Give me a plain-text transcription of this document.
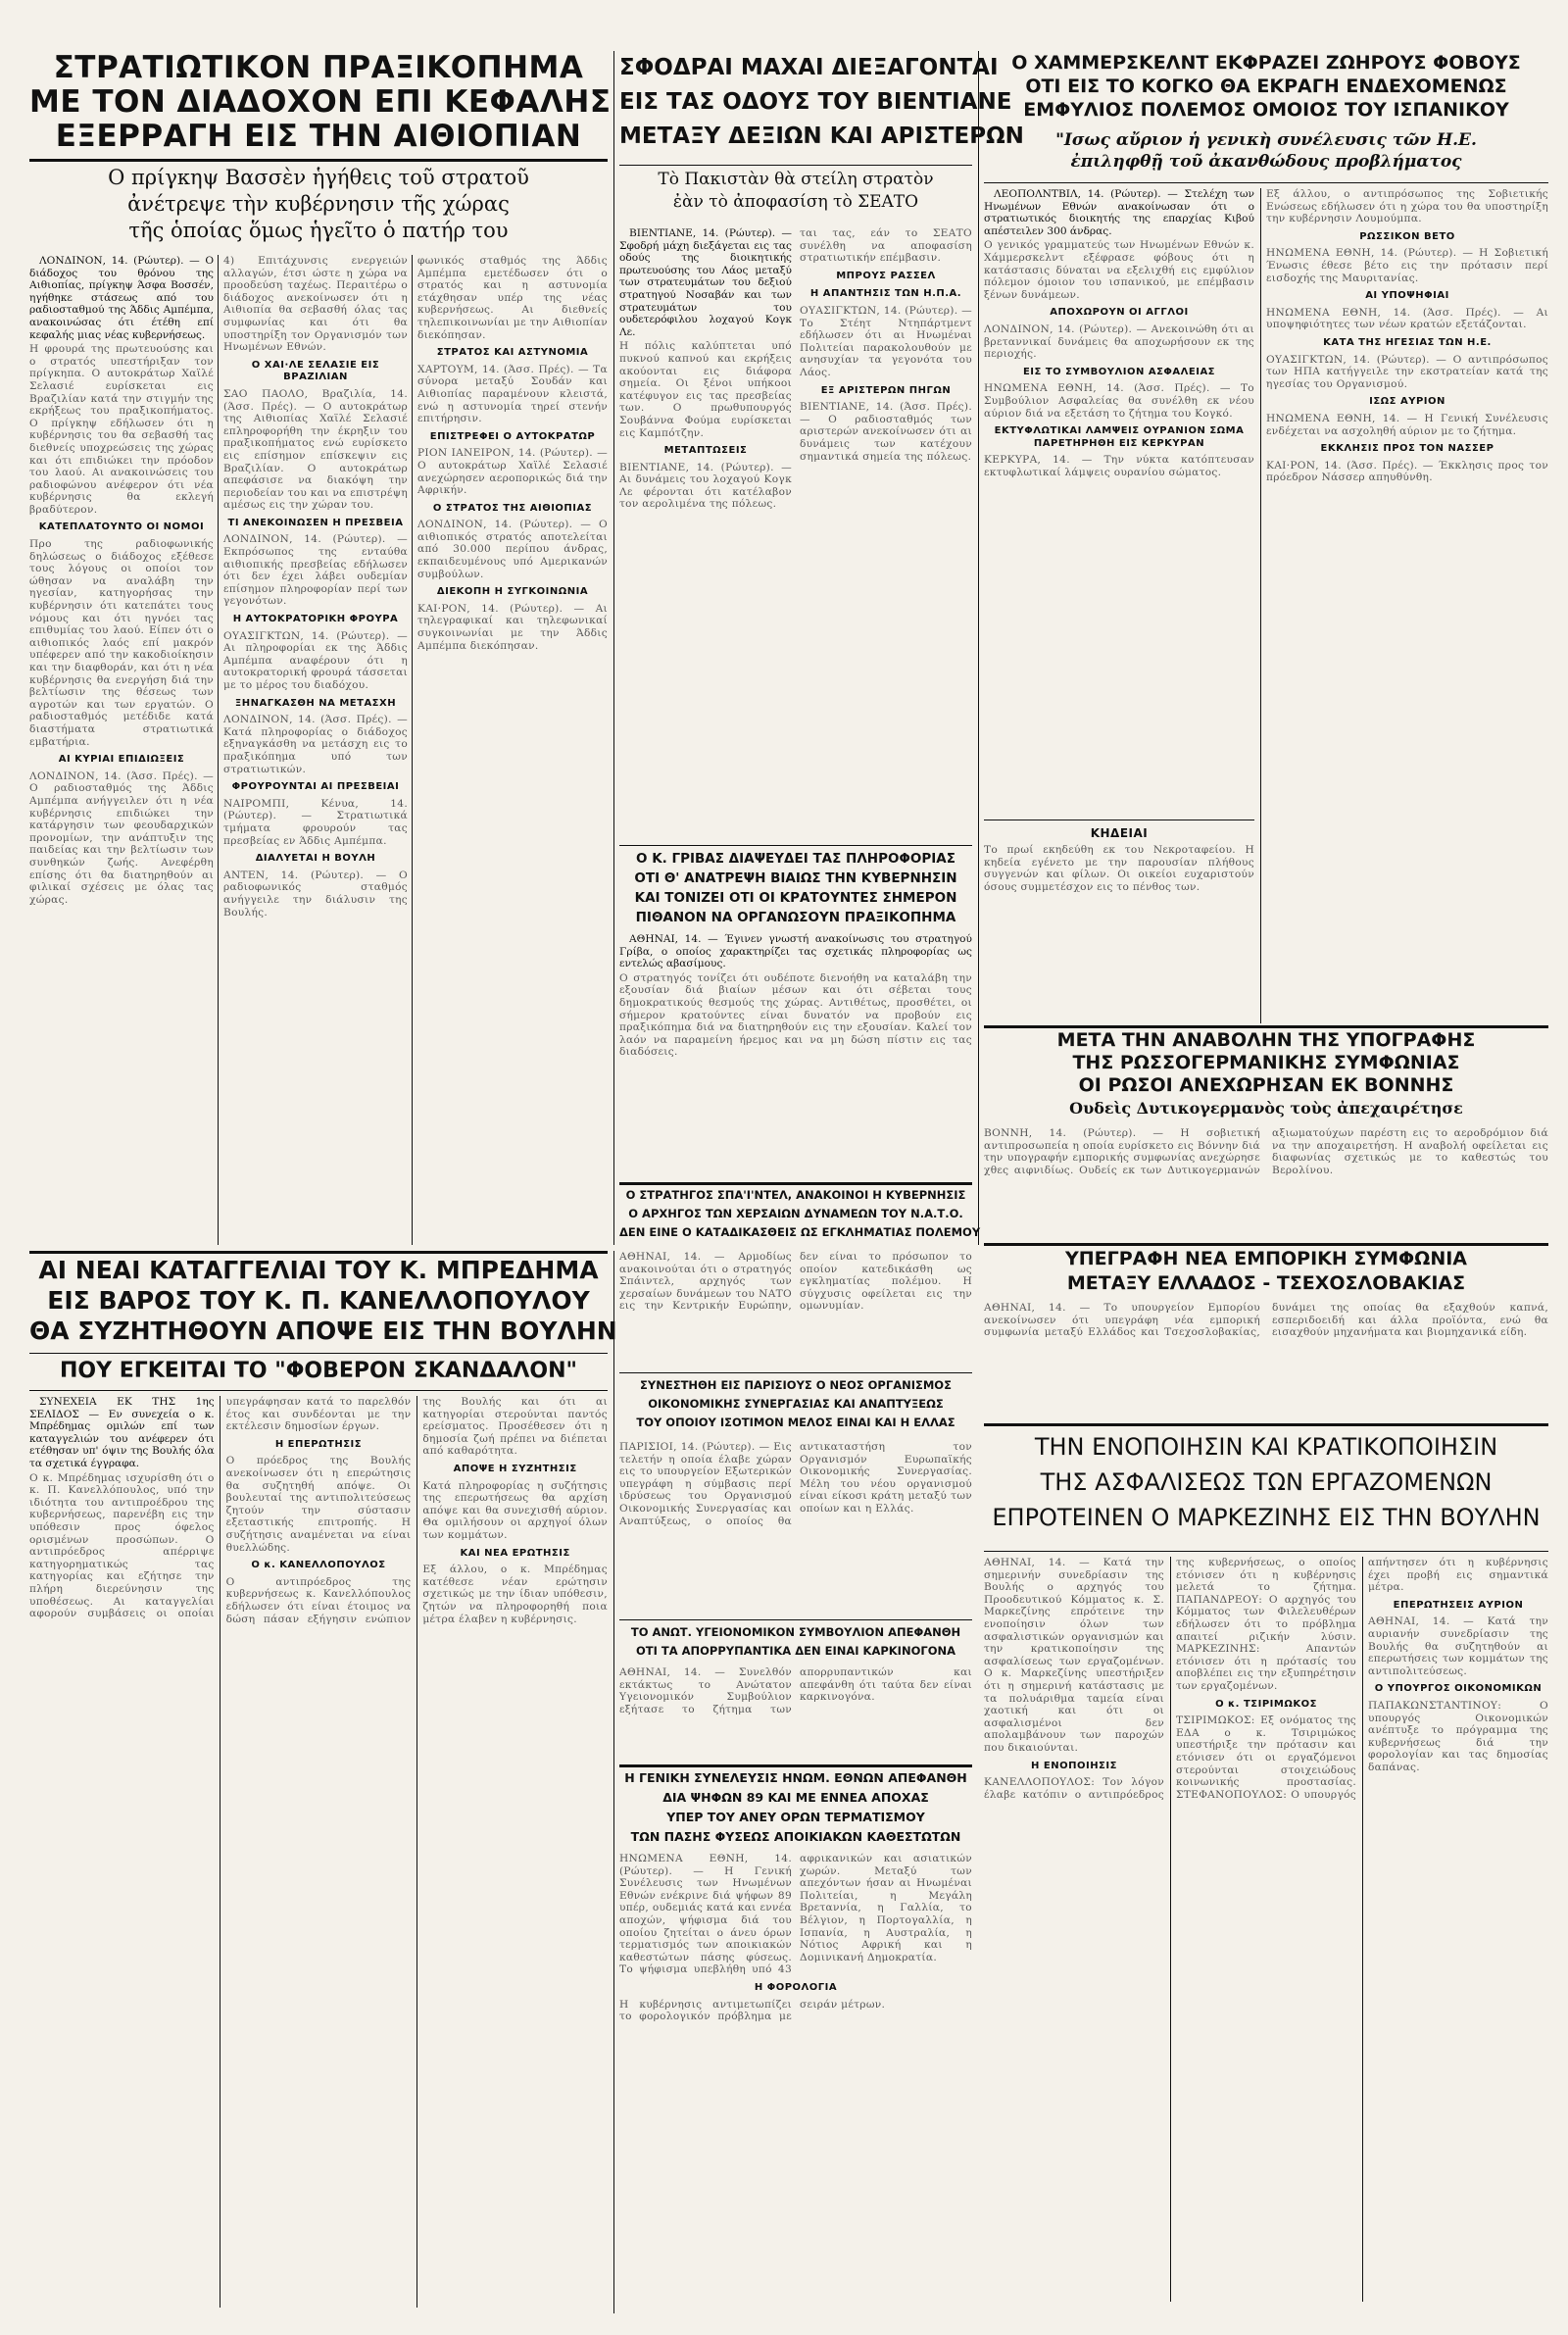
ΣΤΡΑΤΙΩΤΙΚΟΝ ΠΡΑΞΙΚΟΠΗΜΑ
ΜΕ ΤΟΝ ΔΙΑΔΟΧΟΝ ΕΠΙ ΚΕΦΑΛΗΣ
ΕΞΕΡΡΑΓΗ ΕΙΣ ΤΗΝ ΑΙΘΙΟΠΙΑΝ
Ο πρίγκηψ Βασσὲν ἡγήθεις τοῦ στρατοῦ
ἀνέτρεψε τὴν κυβέρνησιν τῆς χώρας
τῆς ὁποίας ὅμως ἡγεῖτο ὁ πατήρ του
ΣΦΟΔΡΑΙ ΜΑΧΑΙ ΔΙΕΞΑΓΟΝΤΑΙ
ΕΙΣ ΤΑΣ ΟΔΟΥΣ ΤΟΥ ΒΙΕΝΤΙΑΝΕ
ΜΕΤΑΞΥ ΔΕΞΙΩΝ ΚΑΙ ΑΡΙΣΤΕΡΩΝ
Τὸ Πακιστὰν θὰ στείλη στρατὸν
ἐὰν τὸ ἀποφασίση τὸ ΣΕΑΤΟ
Ο ΧΑΜΜΕΡΣΚΕΛΝΤ ΕΚΦΡΑΖΕΙ ΖΩΗΡΟΥΣ ΦΟΒΟΥΣ
ΟΤΙ ΕΙΣ ΤΟ ΚΟΓΚΟ ΘΑ ΕΚΡΑΓΗ ΕΝΔΕΧΟΜΕΝΩΣ
ΕΜΦΥΛΙΟΣ ΠΟΛΕΜΟΣ ΟΜΟΙΟΣ ΤΟΥ ΙΣΠΑΝΙΚΟΥ
"Ισως αὔριον ἡ γενικὴ συνέλευσις τῶν Η.Ε.
ἐπιληφθῇ τοῦ ἀκανθώδους προβλήματος

ΛΟΝΔΙΝΟΝ, 14. (Ρώυτερ). — Ο διάδοχος του θρόνου της Αιθιοπίας, πρίγκηψ Άσφα Βοσσέν, ηγήθηκε στάσεως από του ραδιοσταθμού της Άδδις Αμπέμπα, ανακοινώσας ότι έτέθη επί κεφαλής μιας νέας κυβερνήσεως.

Η φρουρά της πρωτευούσης και ο στρατός υπεστήριξαν τον πρίγκηπα. Ο αυτοκράτωρ Χαϊλέ Σελασιέ ευρίσκεται εις Βραζιλίαν κατά την στιγμήν της εκρήξεως του πραξικοπήματος. Ο πρίγκηψ εδήλωσεν ότι η κυβέρνησις του θα σεβασθή τας διεθνείς υποχρεώσεις της χώρας και ότι επιδιώκει την πρόοδον του λαού. Αι ανακοινώσεις του ραδιοφώνου ανέφερον ότι νέα κυβέρνησις θα εκλεγή βραδύτερον.
ΚΑΤΕΠΛΑΤΟΥΝΤΟ ΟΙ ΝΟΜΟΙ
Προ της ραδιοφωνικής δηλώσεως ο διάδοχος εξέθεσε τους λόγους οι οποίοι τον ώθησαν να αναλάβη την ηγεσίαν, κατηγορήσας την κυβέρνησιν ότι κατεπάτει τους νόμους και ότι ηγνόει τας επιθυμίας του λαού. Είπεν ότι ο αιθιοπικός λαός επί μακρόν υπέφερεν από την κακοδιοίκησιν και την διαφθοράν, και ότι η νέα κυβέρνησις θα ενεργήση διά την βελτίωσιν της θέσεως των αγροτών και των εργατών. Ο ραδιοσταθμός μετέδιδε κατά διαστήματα στρατιωτικά εμβατήρια.
ΑΙ ΚΥΡΙΑΙ ΕΠΙΔΙΩΞΕΙΣ
ΛΟΝΔΙΝΟΝ, 14. (Άσσ. Πρές). — Ο ραδιοσταθμός της Άδδις Αμπέμπα ανήγγειλεν ότι η νέα κυβέρνησις επιδιώκει την κατάργησιν των φεουδαρχικών προνομίων, την ανάπτυξιν της παιδείας και την βελτίωσιν των συνθηκών ζωής. Ανεφέρθη επίσης ότι θα διατηρηθούν αι φιλικαί σχέσεις με όλας τας χώρας.
4) Επιτάχυνσις ενεργειών αλλαγών, έτσι ώστε η χώρα να προοδεύση ταχέως. Περαιτέρω ο διάδοχος ανεκοίνωσεν ότι η Αιθιοπία θα σεβασθή όλας τας συμφωνίας και ότι θα υποστηρίξη τον Οργανισμόν των Ηνωμένων Εθνών.
Ο ΧΑΙ·ΛΕ ΣΕΛΑΣΙΕ ΕΙΣ ΒΡΑΖΙΛΙΑΝ
ΣΑΟ ΠΑΟΛΟ, Βραζιλία, 14. (Άσσ. Πρές). — Ο αυτοκράτωρ της Αιθιοπίας Χαϊλέ Σελασιέ επληροφορήθη την έκρηξιν του πραξικοπήματος ενώ ευρίσκετο εις επίσημον επίσκεψιν εις Βραζιλίαν. Ο αυτοκράτωρ απεφάσισε να διακόψη την περιοδείαν του και να επιστρέψη αμέσως εις την χώραν του.
ΤΙ ΑΝΕΚΟΙΝΩΣΕΝ Η ΠΡΕΣΒΕΙΑ
ΛΟΝΔΙΝΟΝ, 14. (Ρώυτερ). — Εκπρόσωπος της ενταύθα αιθιοπικής πρεσβείας εδήλωσεν ότι δεν έχει λάβει ουδεμίαν επίσημον πληροφορίαν περί των γεγονότων.
Η ΑΥΤΟΚΡΑΤΟΡΙΚΗ ΦΡΟΥΡΑ
ΟΥΑΣΙΓΚΤΩΝ, 14. (Ρώυτερ). — Αι πληροφορίαι εκ της Άδδις Αμπέμπα αναφέρουν ότι η αυτοκρατορική φρουρά τάσσεται με το μέρος του διαδόχου.
ΞΗΝΑΓΚΑΣΘΗ ΝΑ ΜΕΤΑΣΧΗ
ΛΟΝΔΙΝΟΝ, 14. (Άσσ. Πρές). — Κατά πληροφορίας ο διάδοχος εξηναγκάσθη να μετάσχη εις το πραξικόπημα υπό των στρατιωτικών.
ΦΡΟΥΡΟΥΝΤΑΙ ΑΙ ΠΡΕΣΒΕΙΑΙ
ΝΑΙΡΟΜΠΙ, Κένυα, 14. (Ρώυτερ). — Στρατιωτικά τμήματα φρουρούν τας πρεσβείας εν Άδδις Αμπέμπα.
ΔΙΑΛΥΕΤΑΙ Η ΒΟΥΛΗ
ΑΝΤΕΝ, 14. (Ρώυτερ). — Ο ραδιοφωνικός σταθμός ανήγγειλε την διάλυσιν της Βουλής.
φωνικός σταθμός της Άδδις Αμπέμπα εμετέδωσεν ότι ο στρατός και η αστυνομία ετάχθησαν υπέρ της νέας κυβερνήσεως. Αι διεθνείς τηλεπικοινωνίαι με την Αιθιοπίαν διεκόπησαν.
ΣΤΡΑΤΟΣ ΚΑΙ ΑΣΤΥΝΟΜΙΑ
ΧΑΡΤΟΥΜ, 14. (Άσσ. Πρές). — Τα σύνορα μεταξύ Σουδάν και Αιθιοπίας παραμένουν κλειστά, ενώ η αστυνομία τηρεί στενήν επιτήρησιν.
ΕΠΙΣΤΡΕΦΕΙ Ο ΑΥΤΟΚΡΑΤΩΡ
ΡΙΟΝ ΙΑΝΕΙΡΟΝ, 14. (Ρώυτερ). — Ο αυτοκράτωρ Χαϊλέ Σελασιέ ανεχώρησεν αεροπορικώς διά την Αφρικήν.
Ο ΣΤΡΑΤΟΣ ΤΗΣ ΑΙΘΙΟΠΙΑΣ
ΛΟΝΔΙΝΟΝ, 14. (Ρώυτερ). — Ο αιθιοπικός στρατός αποτελείται από 30.000 περίπου άνδρας, εκπαιδευμένους υπό Αμερικανών συμβούλων.
ΔΙΕΚΟΠΗ Η ΣΥΓΚΟΙΝΩΝΙΑ
ΚΑΙ·ΡΟΝ, 14. (Ρώυτερ). — Αι τηλεγραφικαί και τηλεφωνικαί συγκοινωνίαι με την Άδδις Αμπέμπα διεκόπησαν.

ΒΙΕΝΤΙΑΝΕ, 14. (Ρώυτερ). — Σφοδρή μάχη διεξάγεται εις τας οδούς της διοικητικής πρωτευούσης του Λάος μεταξύ των στρατευμάτων του δεξιού στρατηγού Νοσαβάν και των στρατευμάτων του ουδετερόφιλου λοχαγού Κογκ Λε.

Η πόλις καλύπτεται υπό πυκνού καπνού και εκρήξεις ακούονται εις διάφορα σημεία. Οι ξένοι υπήκοοι κατέφυγον εις τας πρεσβείας των. Ο πρωθυπουργός Σουβάννα Φούμα ευρίσκεται εις Καμπότζην.
ΜΕΤΑΠΤΩΣΕΙΣ
ΒΙΕΝΤΙΑΝΕ, 14. (Ρώυτερ). — Αι δυνάμεις του λοχαγού Κογκ Λε φέρονται ότι κατέλαβον τον αερολιμένα της πόλεως.
ται τας, εάν το ΣΕΑΤΟ συνέλθη να αποφασίση στρατιωτικήν επέμβασιν.
ΜΠΡΟΥΣ ΡΑΣΣΕΛ
Η ΑΠΑΝΤΗΣΙΣ ΤΩΝ Η.Π.Α.
ΟΥΑΣΙΓΚΤΩΝ, 14. (Ρώυτερ). — Το Στέητ Ντηπάρτμεντ εδήλωσεν ότι αι Ηνωμέναι Πολιτείαι παρακολουθούν με ανησυχίαν τα γεγονότα του Λάος.
ΕΞ ΑΡΙΣΤΕΡΩΝ ΠΗΓΩΝ
ΒΙΕΝΤΙΑΝΕ, 14. (Άσσ. Πρές). — Ο ραδιοσταθμός των αριστερών ανεκοίνωσεν ότι αι δυνάμεις των κατέχουν σημαντικά σημεία της πόλεως.
Ο Κ. ΓΡΙΒΑΣ ΔΙΑΨΕΥΔΕΙ ΤΑΣ ΠΛΗΡΟΦΟΡΙΑΣ
ΟΤΙ Θ' ΑΝΑΤΡΕΨΗ ΒΙΑΙΩΣ ΤΗΝ ΚΥΒΕΡΝΗΣΙΝ
ΚΑΙ ΤΟΝΙΖΕΙ ΟΤΙ ΟΙ ΚΡΑΤΟΥΝΤΕΣ ΣΗΜΕΡΟΝ
ΠΙΘΑΝΟΝ ΝΑ ΟΡΓΑΝΩΣΟΥΝ ΠΡΑΞΙΚΟΠΗΜΑ

ΑΘΗΝΑΙ, 14. — Έγινεν γνωστή ανακοίνωσις του στρατηγού Γρίβα, ο οποίος χαρακτηρίζει τας σχετικάς πληροφορίας ως εντελώς αβασίμους.

Ο στρατηγός τονίζει ότι ουδέποτε διενοήθη να καταλάβη την εξουσίαν διά βιαίων μέσων και ότι σέβεται τους δημοκρατικούς θεσμούς της χώρας. Αντιθέτως, προσθέτει, οι σήμερον κρατούντες είναι δυνατόν να προβούν εις πραξικόπημα διά να διατηρηθούν εις την εξουσίαν. Καλεί τον λαόν να παραμείνη ήρεμος και να μη δώση πίστιν εις τας διαδόσεις.

ΛΕΟΠΟΛΝΤΒΙΛ, 14. (Ρώυτερ). — Στελέχη των Ηνωμένων Εθνών ανακοίνωσαν ότι ο στρατιωτικός διοικητής της επαρχίας Κιβού απέστειλεν 300 άνδρας.

Ο γενικός γραμματεύς των Ηνωμένων Εθνών κ. Χάμμερσκελντ εξέφρασε φόβους ότι η κατάστασις δύναται να εξελιχθή εις εμφύλιον πόλεμον όμοιον του ισπανικού, με επέμβασιν ξένων δυνάμεων.
ΑΠΟΧΩΡΟΥΝ ΟΙ ΑΓΓΛΟΙ
ΛΟΝΔΙΝΟΝ, 14. (Ρώυτερ). — Ανεκοινώθη ότι αι βρεταννικαί δυνάμεις θα αποχωρήσουν εκ της περιοχής.
ΕΙΣ ΤΟ ΣΥΜΒΟΥΛΙΟΝ ΑΣΦΑΛΕΙΑΣ
ΗΝΩΜΕΝΑ ΕΘΝΗ, 14. (Άσσ. Πρές). — Το Συμβούλιον Ασφαλείας θα συνέλθη εκ νέου αύριον διά να εξετάση το ζήτημα του Κογκό.
ΕΚΤΥΦΛΩΤΙΚΑΙ ΛΑΜΨΕΙΣ ΟΥΡΑΝΙΟΝ ΣΩΜΑ ΠΑΡΕΤΗΡΗΘΗ ΕΙΣ ΚΕΡΚΥΡΑΝ
ΚΕΡΚΥΡΑ, 14. — Την νύκτα κατόπτευσαν εκτυφλωτικαί λάμψεις ουρανίου σώματος.
Εξ άλλου, ο αντιπρόσωπος της Σοβιετικής Ενώσεως εδήλωσεν ότι η χώρα του θα υποστηρίξη την κυβέρνησιν Λουμούμπα.
ΡΩΣΣΙΚΟΝ ΒΕΤΟ
ΗΝΩΜΕΝΑ ΕΘΝΗ, 14. (Ρώυτερ). — Η Σοβιετική Ένωσις έθεσε βέτο εις την πρότασιν περί εισδοχής της Μαυριτανίας.
ΑΙ ΥΠΟΨΗΦΙΑΙ
ΗΝΩΜΕΝΑ ΕΘΝΗ, 14. (Άσσ. Πρές). — Αι υποψηφιότητες των νέων κρατών εξετάζονται.
ΚΑΤΑ ΤΗΣ ΗΓΕΣΙΑΣ ΤΩΝ Η.Ε.
ΟΥΑΣΙΓΚΤΩΝ, 14. (Ρώυτερ). — Ο αντιπρόσωπος των ΗΠΑ κατήγγειλε την εκστρατείαν κατά της ηγεσίας του Οργανισμού.
ΙΣΩΣ ΑΥΡΙΟΝ
ΗΝΩΜΕΝΑ ΕΘΝΗ, 14. — Η Γενική Συνέλευσις ενδέχεται να ασχοληθή αύριον με το ζήτημα.
ΕΚΚΛΗΣΙΣ ΠΡΟΣ ΤΟΝ ΝΑΣΣΕΡ
ΚΑΙ·ΡΟΝ, 14. (Άσσ. Πρές). — Έκκλησις προς τον πρόεδρον Νάσσερ απηυθύνθη.
ΚΗΔΕΙΑΙ
Το πρωί εκηδεύθη εκ του Νεκροταφείου. Η κηδεία εγένετο με την παρουσίαν πλήθους συγγενών και φίλων. Οι οικείοι ευχαριστούν όσους συμμετέσχον εις το πένθος των.
ΜΕΤΑ ΤΗΝ ΑΝΑΒΟΛΗΝ ΤΗΣ ΥΠΟΓΡΑΦΗΣ
ΤΗΣ ΡΩΣΣΟΓΕΡΜΑΝΙΚΗΣ ΣΥΜΦΩΝΙΑΣ
ΟΙ ΡΩΣΟΙ ΑΝΕΧΩΡΗΣΑΝ ΕΚ ΒΟΝΝΗΣ
Ουδεὶς Δυτικογερμανὸς τοὺς ἀπεχαιρέτησε
ΒΟΝΝΗ, 14. (Ρώυτερ). — Η σοβιετική αντιπροσωπεία η οποία ευρίσκετο εις Βόννην διά την υπογραφήν εμπορικής συμφωνίας ανεχώρησε χθες αιφνιδίως. Ουδείς εκ των Δυτικογερμανών αξιωματούχων παρέστη εις το αεροδρόμιον διά να την αποχαιρετήση. Η αναβολή οφείλεται εις διαφωνίας σχετικώς με το καθεστώς του Βερολίνου.
ΥΠΕΓΡΑΦΗ ΝΕΑ ΕΜΠΟΡΙΚΗ ΣΥΜΦΩΝΙΑ
ΜΕΤΑΞΥ ΕΛΛΑΔΟΣ - ΤΣΕΧΟΣΛΟΒΑΚΙΑΣ
ΑΘΗΝΑΙ, 14. — Το υπουργείον Εμπορίου ανεκοίνωσεν ότι υπεγράφη νέα εμπορική συμφωνία μεταξύ Ελλάδος και Τσεχοσλοβακίας, δυνάμει της οποίας θα εξαχθούν καπνά, εσπεριδοειδή και άλλα προϊόντα, ενώ θα εισαχθούν μηχανήματα και βιομηχανικά είδη.
ΤΗΝ ΕΝΟΠΟΙΗΣΙΝ ΚΑΙ ΚΡΑΤΙΚΟΠΟΙΗΣΙΝ
ΤΗΣ ΑΣΦΑΛΙΣΕΩΣ ΤΩΝ ΕΡΓΑΖΟΜΕΝΩΝ
ΕΠΡΟΤΕΙΝΕΝ Ο ΜΑΡΚΕΖΙΝΗΣ ΕΙΣ ΤΗΝ ΒΟΥΛΗΝ
ΑΘΗΝΑΙ, 14. — Κατά την σημερινήν συνεδρίασιν της Βουλής ο αρχηγός του Προοδευτικού Κόμματος κ. Σ. Μαρκεζίνης επρότεινε την ενοποίησιν όλων των ασφαλιστικών οργανισμών και την κρατικοποίησιν της ασφαλίσεως των εργαζομένων. Ο κ. Μαρκεζίνης υπεστήριξεν ότι η σημερινή κατάστασις με τα πολυάριθμα ταμεία είναι χαοτική και ότι οι ασφαλισμένοι δεν απολαμβάνουν των παροχών που δικαιούνται.
Η ΕΝΟΠΟΙΗΣΙΣ
ΚΑΝΕΛΛΟΠΟΥΛΟΣ: Τον λόγον έλαβε κατόπιν ο αντιπρόεδρος της κυβερνήσεως, ο οποίος ετόνισεν ότι η κυβέρνησις μελετά το ζήτημα. ΠΑΠΑΝΔΡΕΟΥ: Ο αρχηγός του Κόμματος των Φιλελευθέρων εδήλωσεν ότι το πρόβλημα απαιτεί ριζικήν λύσιν. ΜΑΡΚΕΖΙΝΗΣ: Απαντών ετόνισεν ότι η πρότασίς του αποβλέπει εις την εξυπηρέτησιν των εργαζομένων.
Ο κ. ΤΣΙΡΙΜΩΚΟΣ
ΤΣΙΡΙΜΩΚΟΣ: Εξ ονόματος της ΕΔΑ ο κ. Τσιριμώκος υπεστήριξε την πρότασιν και ετόνισεν ότι οι εργαζόμενοι στερούνται στοιχειώδους κοινωνικής προστασίας. ΣΤΕΦΑΝΟΠΟΥΛΟΣ: Ο υπουργός απήντησεν ότι η κυβέρνησις έχει προβή εις σημαντικά μέτρα.
ΕΠΕΡΩΤΗΣΕΙΣ ΑΥΡΙΟΝ
ΑΘΗΝΑΙ, 14. — Κατά την αυριανήν συνεδρίασιν της Βουλής θα συζητηθούν αι επερωτήσεις των κομμάτων της αντιπολιτεύσεως.
Ο ΥΠΟΥΡΓΟΣ ΟΙΚΟΝΟΜΙΚΩΝ
ΠΑΠΑΚΩΝΣΤΑΝΤΙΝΟΥ: Ο υπουργός Οικονομικών ανέπτυξε το πρόγραμμα της κυβερνήσεως διά την φορολογίαν και τας δημοσίας δαπάνας.
Ο ΣΤΡΑΤΗΓΟΣ ΣΠΑ'Ι'ΝΤΕΛ, ΑΝΑΚΟΙΝΟΙ Η ΚΥΒΕΡΝΗΣΙΣ
Ο ΑΡΧΗΓΟΣ ΤΩΝ ΧΕΡΣΑΙΩΝ ΔΥΝΑΜΕΩΝ ΤΟΥ Ν.Α.Τ.Ο.
ΔΕΝ ΕΙΝΕ Ο ΚΑΤΑΔΙΚΑΣΘΕΙΣ ΩΣ ΕΓΚΛΗΜΑΤΙΑΣ ΠΟΛΕΜΟΥ
ΑΘΗΝΑΙ, 14. — Αρμοδίως ανακοινούται ότι ο στρατηγός Σπάιντελ, αρχηγός των χερσαίων δυνάμεων του ΝΑΤΟ εις την Κεντρικήν Ευρώπην, δεν είναι το πρόσωπον το οποίον κατεδικάσθη ως εγκληματίας πολέμου. Η σύγχυσις οφείλεται εις την ομωνυμίαν.
ΣΥΝΕΣΤΗΘΗ ΕΙΣ ΠΑΡΙΣΙΟΥΣ Ο ΝΕΟΣ ΟΡΓΑΝΙΣΜΟΣ
ΟΙΚΟΝΟΜΙΚΗΣ ΣΥΝΕΡΓΑΣΙΑΣ ΚΑΙ ΑΝΑΠΤΥΞΕΩΣ
ΤΟΥ ΟΠΟΙΟΥ ΙΣΟΤΙΜΟΝ ΜΕΛΟΣ ΕΙΝΑΙ ΚΑΙ Η ΕΛΛΑΣ
ΠΑΡΙΣΙΟΙ, 14. (Ρώυτερ). — Εις τελετήν η οποία έλαβε χώραν εις το υπουργείον Εξωτερικών υπεγράφη η σύμβασις περί ιδρύσεως του Οργανισμού Οικονομικής Συνεργασίας και Αναπτύξεως, ο οποίος θα αντικαταστήση τον Οργανισμόν Ευρωπαϊκής Οικονομικής Συνεργασίας. Μέλη του νέου οργανισμού είναι είκοσι κράτη μεταξύ των οποίων και η Ελλάς.
ΤΟ ΑΝΩΤ. ΥΓΕΙΟΝΟΜΙΚΟΝ ΣΥΜΒΟΥΛΙΟΝ ΑΠΕΦΑΝΘΗ
ΟΤΙ ΤΑ ΑΠΟΡΡΥΠΑΝΤΙΚΑ ΔΕΝ ΕΙΝΑΙ ΚΑΡΚΙΝΟΓΟΝΑ
ΑΘΗΝΑΙ, 14. — Συνελθόν εκτάκτως το Ανώτατον Υγειονομικόν Συμβούλιον εξήτασε το ζήτημα των απορρυπαντικών και απεφάνθη ότι ταύτα δεν είναι καρκινογόνα.
Η ΓΕΝΙΚΗ ΣΥΝΕΛΕΥΣΙΣ ΗΝΩΜ. ΕΘΝΩΝ ΑΠΕΦΑΝΘΗ
ΔΙΑ ΨΗΦΩΝ 89 ΚΑΙ ΜΕ ΕΝΝΕΑ ΑΠΟΧΑΣ
ΥΠΕΡ ΤΟΥ ΑΝΕΥ ΟΡΩΝ ΤΕΡΜΑΤΙΣΜΟΥ
ΤΩΝ ΠΑΣΗΣ ΦΥΣΕΩΣ ΑΠΟΙΚΙΑΚΩΝ ΚΑΘΕΣΤΩΤΩΝ
ΗΝΩΜΕΝΑ ΕΘΝΗ, 14. (Ρώυτερ). — Η Γενική Συνέλευσις των Ηνωμένων Εθνών ενέκρινε διά ψήφων 89 υπέρ, ουδεμιάς κατά και εννέα αποχών, ψήφισμα διά του οποίου ζητείται ο άνευ όρων τερματισμός των αποικιακών καθεστώτων πάσης φύσεως. Το ψήφισμα υπεβλήθη υπό 43 αφρικανικών και ασιατικών χωρών. Μεταξύ των απεχόντων ήσαν αι Ηνωμέναι Πολιτείαι, η Μεγάλη Βρεταννία, η Γαλλία, το Βέλγιον, η Πορτογαλλία, η Ισπανία, η Αυστραλία, η Νότιος Αφρική και η Δομινικανή Δημοκρατία.
Η ΦΟΡΟΛΟΓΙΑ
Η κυβέρνησις αντιμετωπίζει το φορολογικόν πρόβλημα με σειράν μέτρων.
ΑΙ ΝΕΑΙ ΚΑΤΑΓΓΕΛΙΑΙ ΤΟΥ Κ. ΜΠΡΕΔΗΜΑ
ΕΙΣ ΒΑΡΟΣ ΤΟΥ Κ. Π. ΚΑΝΕΛΛΟΠΟΥΛΟΥ
ΘΑ ΣΥΖΗΤΗΘΟΥΝ ΑΠΟΨΕ ΕΙΣ ΤΗΝ ΒΟΥΛΗΝ
ΠΟΥ ΕΓΚΕΙΤΑΙ ΤΟ "ΦΟΒΕΡΟΝ ΣΚΑΝΔΑΛΟΝ"

ΣΥΝΕΧΕΙΑ ΕΚ ΤΗΣ 1ης ΣΕΛΙΔΟΣ — Εν συνεχεία ο κ. Μπρέδημας ομιλών επί των καταγγελιών του ανέφερεν ότι ετέθησαν υπ' όψιν της Βουλής όλα τα σχετικά έγγραφα.

Ο κ. Μπρέδημας ισχυρίσθη ότι ο κ. Π. Κανελλόπουλος, υπό την ιδιότητα του αντιπροέδρου της κυβερνήσεως, παρενέβη εις την υπόθεσιν προς όφελος ορισμένων προσώπων. Ο αντιπρόεδρος απέρριψε κατηγορηματικώς τας κατηγορίας και εζήτησε την πλήρη διερεύνησιν της υποθέσεως. Αι καταγγελίαι αφορούν συμβάσεις οι οποίαι υπεγράφησαν κατά το παρελθόν έτος και συνδέονται με την εκτέλεσιν δημοσίων έργων.
Η ΕΠΕΡΩΤΗΣΙΣ
Ο πρόεδρος της Βουλής ανεκοίνωσεν ότι η επερώτησις θα συζητηθή απόψε. Οι βουλευταί της αντιπολιτεύσεως ζητούν την σύστασιν εξεταστικής επιτροπής. Η συζήτησις αναμένεται να είναι θυελλώδης.
Ο κ. ΚΑΝΕΛΛΟΠΟΥΛΟΣ
Ο αντιπρόεδρος της κυβερνήσεως κ. Κανελλόπουλος εδήλωσεν ότι είναι έτοιμος να δώση πάσαν εξήγησιν ενώπιον της Βουλής και ότι αι κατηγορίαι στερούνται παντός ερείσματος. Προσέθεσεν ότι η δημοσία ζωή πρέπει να διέπεται από καθαρότητα.
ΑΠΟΨΕ Η ΣΥΖΗΤΗΣΙΣ
Κατά πληροφορίας η συζήτησις της επερωτήσεως θα αρχίση απόψε και θα συνεχισθή αύριον. Θα ομιλήσουν οι αρχηγοί όλων των κομμάτων.
ΚΑΙ ΝΕΑ ΕΡΩΤΗΣΙΣ
Εξ άλλου, ο κ. Μπρέδημας κατέθεσε νέαν ερώτησιν σχετικώς με την ίδιαν υπόθεσιν, ζητών να πληροφορηθή ποια μέτρα έλαβεν η κυβέρνησις.
